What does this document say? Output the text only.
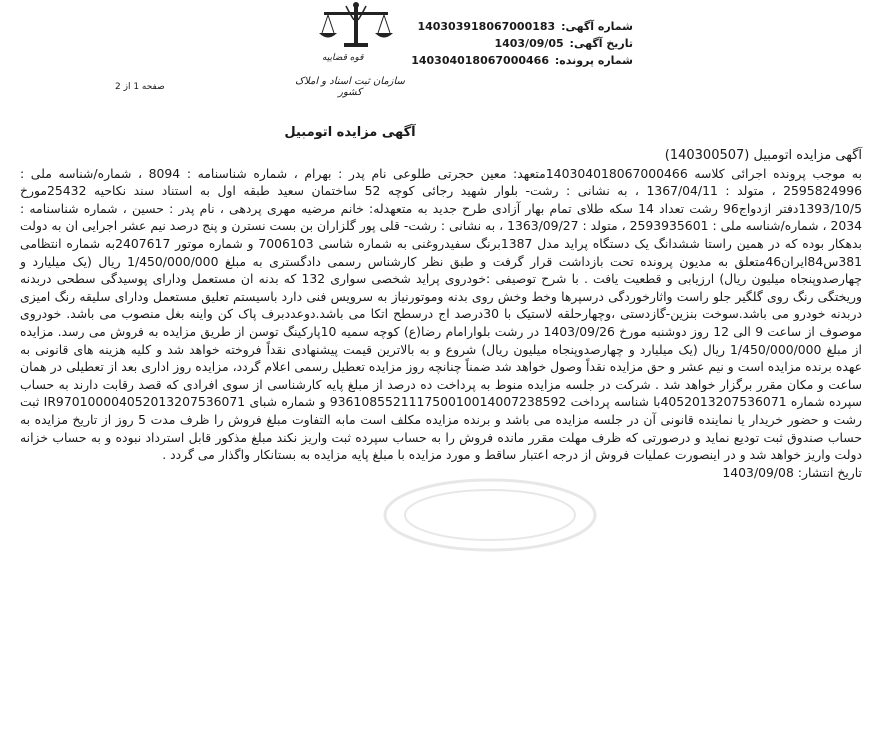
شماره آگهی: 140303918067000183
تاریخ آگهی: 1403/09/05
شماره پرونده: 140304018067000466
قوه قضاییه
سازمان ثبت اسناد و املاک کشور
صفحه 1 از 2
آگهی مزایده اتومبیل

آگهی مزایده اتومبیل (140300507)

به موجب پرونده اجرائی کلاسه 140304018067000466متعهد: معین حجرتی طلوعی نام پدر : بهرام ، شماره شناسنامه : 8094 ، شماره/شناسه ملی : 2595824996 ، متولد : 1367/04/11 ، به نشانی : رشت- بلوار شهید رجائی کوچه 52 ساختمان سعید طبقه اول به استناد سند نکاحیه 25432مورخ 1393/10/5دفتر ازدواج96 رشت تعداد 14 سکه طلای تمام بهار آزادی طرح جدید به متعهدله: خانم مرضیه مهری پردهی ، نام پدر : حسین ، شماره شناسنامه : 2034 ، شماره/شناسه ملی : 2593935601 ، متولد : 1363/09/27 ، به نشانی : رشت- قلی پور گلزاران بن بست نسترن و پنج درصد نیم عشر اجرایی ان به دولت بدهکار بوده که در همین راستا ششدانگ یک دستگاه پراید مدل 1387برنگ سفیدروغنی به شماره شاسی 7006103 و شماره موتور 2407617به شماره انتظامی 381س84ایران46متعلق به مدیون پرونده تحت بازداشت قرار گرفت و طبق نظر کارشناس رسمی دادگستری به مبلغ 1/450/000/000 ریال (یک میلیارد و چهارصدوپنجاه میلیون ریال) ارزیابی و قطعیت یافت . با شرح توصیفی :خودروی پراید شخصی سواری 132 که بدنه ان مستعمل ودارای پوسیدگی سطحی دربدنه وریختگی رنگ روی گلگیر جلو راست واثارخوردگی درسپرها وخط وخش روی بدنه وموتورنیاز به سرویس فنی دارد باسیستم تعلیق مستعمل ودارای سلیقه رنگ امیزی دربدنه خودرو می باشد.سوخت بنزین-گازدستی ،وچهارحلقه لاستیک با 30درصد اج درسطح اتکا می باشد.دوعددبرف پاک کن واینه بغل منصوب می باشد. خودروی موصوف از ساعت 9 الی 12 روز دوشنبه مورخ 1403/09/26 در رشت بلوارامام رضا(ع) کوچه سمیه 10پارکینگ توسن از طریق مزایده به فروش می رسد. مزایده از مبلغ 1/450/000/000 ریال (یک میلیارد و چهارصدوپنجاه میلیون ریال) شروع و به بالاترین قیمت پیشنهادی نقداً فروخته خواهد شد و کلیه هزینه های قانونی به عهده برنده مزایده است و نیم عشر و حق مزایده نقداً وصول خواهد شد ضمناً چنانچه روز مزایده تعطیل رسمی اعلام گردد، مزایده روز اداری بعد از تعطیلی در همان ساعت و مکان مقرر برگزار خواهد شد . شرکت در جلسه مزایده منوط به پرداخت ده درصد از مبلغ پایه کارشناسی از سوی افرادی که قصد رقابت دارند به حساب سپرده شماره 4052013207536071با شناسه پرداخت 936108552111750010014007238592 و شماره شبای IR970100004052013207536071 ثبت رشت و حضور خریدار یا نماینده قانونی آن در جلسه مزایده می باشد و برنده مزایده مکلف است مابه التفاوت مبلغ فروش را ظرف مدت 5 روز از تاریخ مزایده به حساب صندوق ثبت تودیع نماید و درصورتی که ظرف مهلت مقرر مانده فروش را به حساب سپرده ثبت واریز نکند مبلغ مذکور قابل استرداد نبوده و به حساب خزانه دولت واریز خواهد شد و در اینصورت عملیات فروش از درجه اعتبار ساقط و مورد مزایده با مبلغ پایه مزایده به بستانکار واگذار می گردد .

تاریخ انتشار: 1403/09/08
